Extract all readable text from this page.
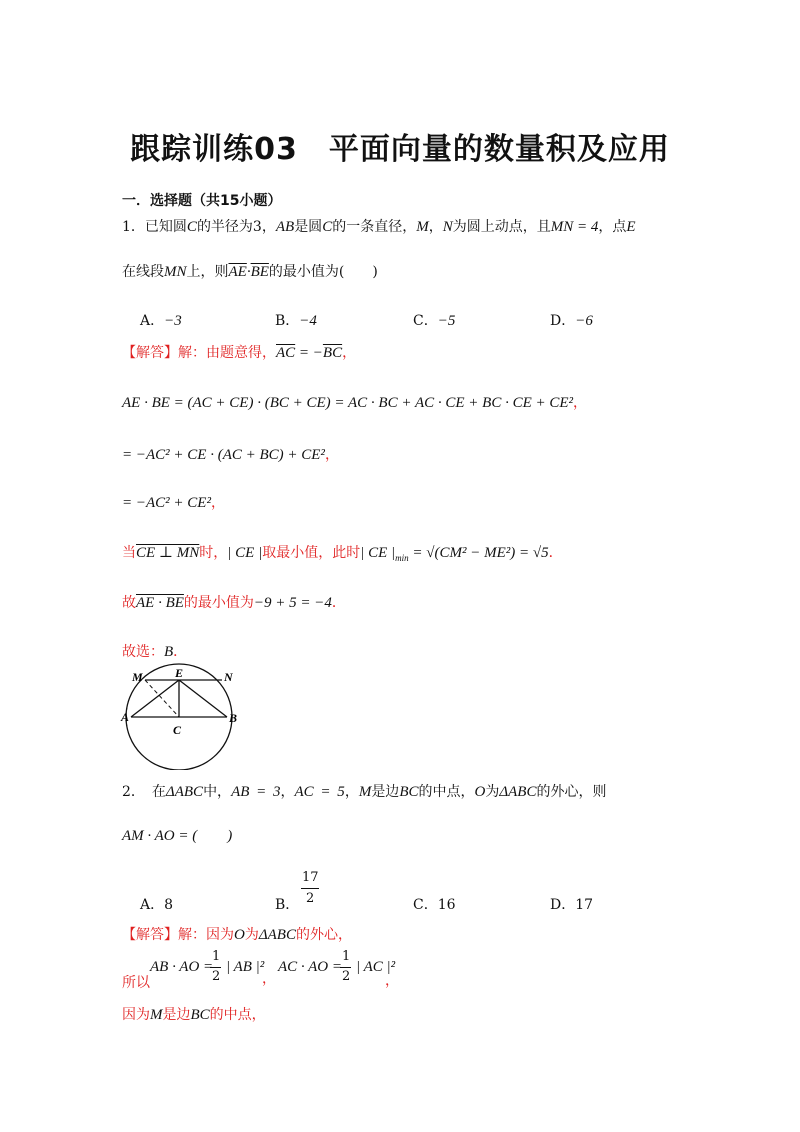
跟踪训练03　平面向量的数量积及应用
一．选择题（共15小题）
1．已知圆C的半径为3，AB是圆C的一条直径，M，N为圆上动点，且MN = 4，点E
在线段MN上，则$\overline{AE}\cdot\overline{BE}$的最小值为(　　)
A．−3	B．−4	C．−5	D．−6
【解答】解：由题意得，$\overline{AC} = -\overline{BC}$，
AE · BE = (AC + CE) · (BC + CE) = AC · BC + AC · CE + BC · CE + CE²，
= −AC² + CE · (AC + BC) + CE²，
= −AC² + CE²，
当CE ⊥ MN时，| CE |取最小值，此时| CE $|_{min} = √(CM^2 - ME^2) = √5$．
故AE · BE的最小值为−9 + 5 = −4．
故选：B．
M	E	N
A	B
C
2．　在ΔABC中，AB = 3，AC = 5，M是边BC的中点，O为ΔABC的外心，则
AM · AO = (　　)
A．8	B．
17
2	C．16	D．17
【解答】解：因为O为ΔABC的外心，
所以
AB · AO =
1
2
| AB |²
，
AC · AO =
1
2
| AC |²
，
因为M是边BC的中点，
